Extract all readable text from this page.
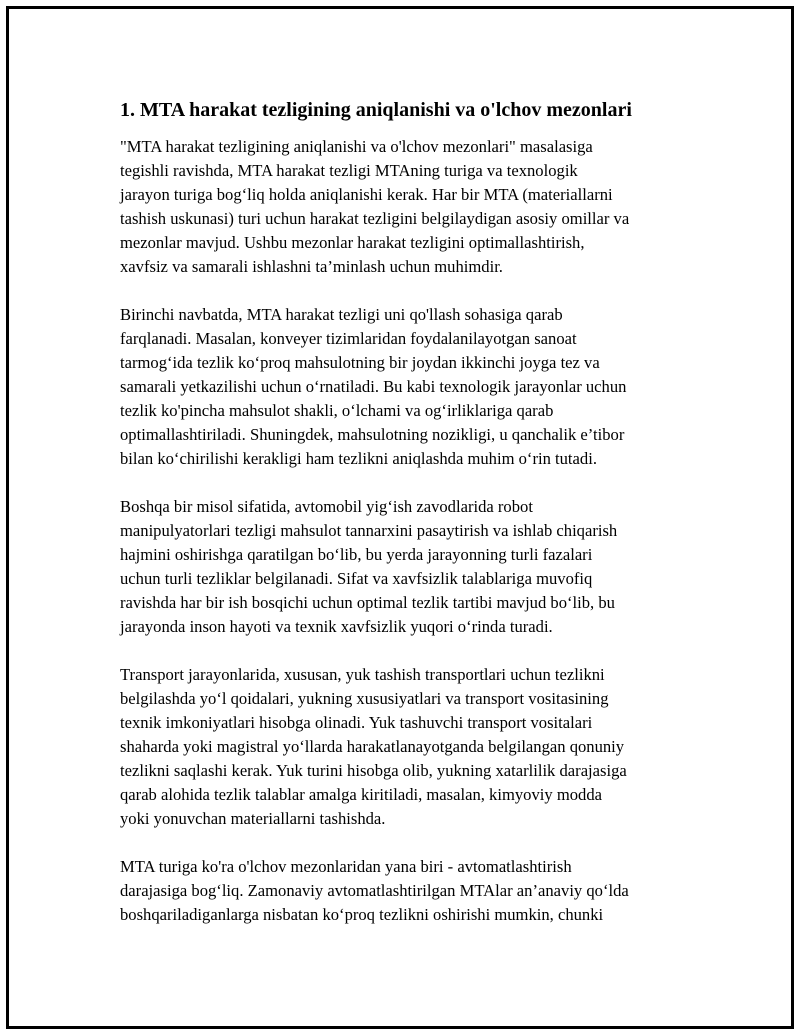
1. MTA harakat tezligining aniqlanishi va o'lchov mezonlari

"MTA harakat tezligining aniqlanishi va o'lchov mezonlari" masalasiga
tegishli ravishda, MTA harakat tezligi MTAning turiga va texnologik
jarayon turiga bog‘liq holda aniqlanishi kerak. Har bir MTA (materiallarni
tashish uskunasi) turi uchun harakat tezligini belgilaydigan asosiy omillar va
mezonlar mavjud. Ushbu mezonlar harakat tezligini optimallashtirish,
xavfsiz va samarali ishlashni ta’minlash uchun muhimdir.

Birinchi navbatda, MTA harakat tezligi uni qo'llash sohasiga qarab
farqlanadi. Masalan, konveyer tizimlaridan foydalanilayotgan sanoat
tarmog‘ida tezlik ko‘proq mahsulotning bir joydan ikkinchi joyga tez va
samarali yetkazilishi uchun o‘rnatiladi. Bu kabi texnologik jarayonlar uchun
tezlik ko'pincha mahsulot shakli, o‘lchami va og‘irliklariga qarab
optimallashtiriladi. Shuningdek, mahsulotning nozikligi, u qanchalik e’tibor
bilan ko‘chirilishi kerakligi ham tezlikni aniqlashda muhim o‘rin tutadi.

Boshqa bir misol sifatida, avtomobil yig‘ish zavodlarida robot
manipulyatorlari tezligi mahsulot tannarxini pasaytirish va ishlab chiqarish
hajmini oshirishga qaratilgan bo‘lib, bu yerda jarayonning turli fazalari
uchun turli tezliklar belgilanadi. Sifat va xavfsizlik talablariga muvofiq
ravishda har bir ish bosqichi uchun optimal tezlik tartibi mavjud bo‘lib, bu
jarayonda inson hayoti va texnik xavfsizlik yuqori o‘rinda turadi.

Transport jarayonlarida, xususan, yuk tashish transportlari uchun tezlikni
belgilashda yo‘l qoidalari, yukning xususiyatlari va transport vositasining
texnik imkoniyatlari hisobga olinadi. Yuk tashuvchi transport vositalari
shaharda yoki magistral yo‘llarda harakatlanayotganda belgilangan qonuniy
tezlikni saqlashi kerak. Yuk turini hisobga olib, yukning xatarlilik darajasiga
qarab alohida tezlik talablar amalga kiritiladi, masalan, kimyoviy modda
yoki yonuvchan materiallarni tashishda.

MTA turiga ko'ra o'lchov mezonlaridan yana biri - avtomatlashtirish
darajasiga bog‘liq. Zamonaviy avtomatlashtirilgan MTAlar an’anaviy qo‘lda
boshqariladiganlarga nisbatan ko‘proq tezlikni oshirishi mumkin, chunki
